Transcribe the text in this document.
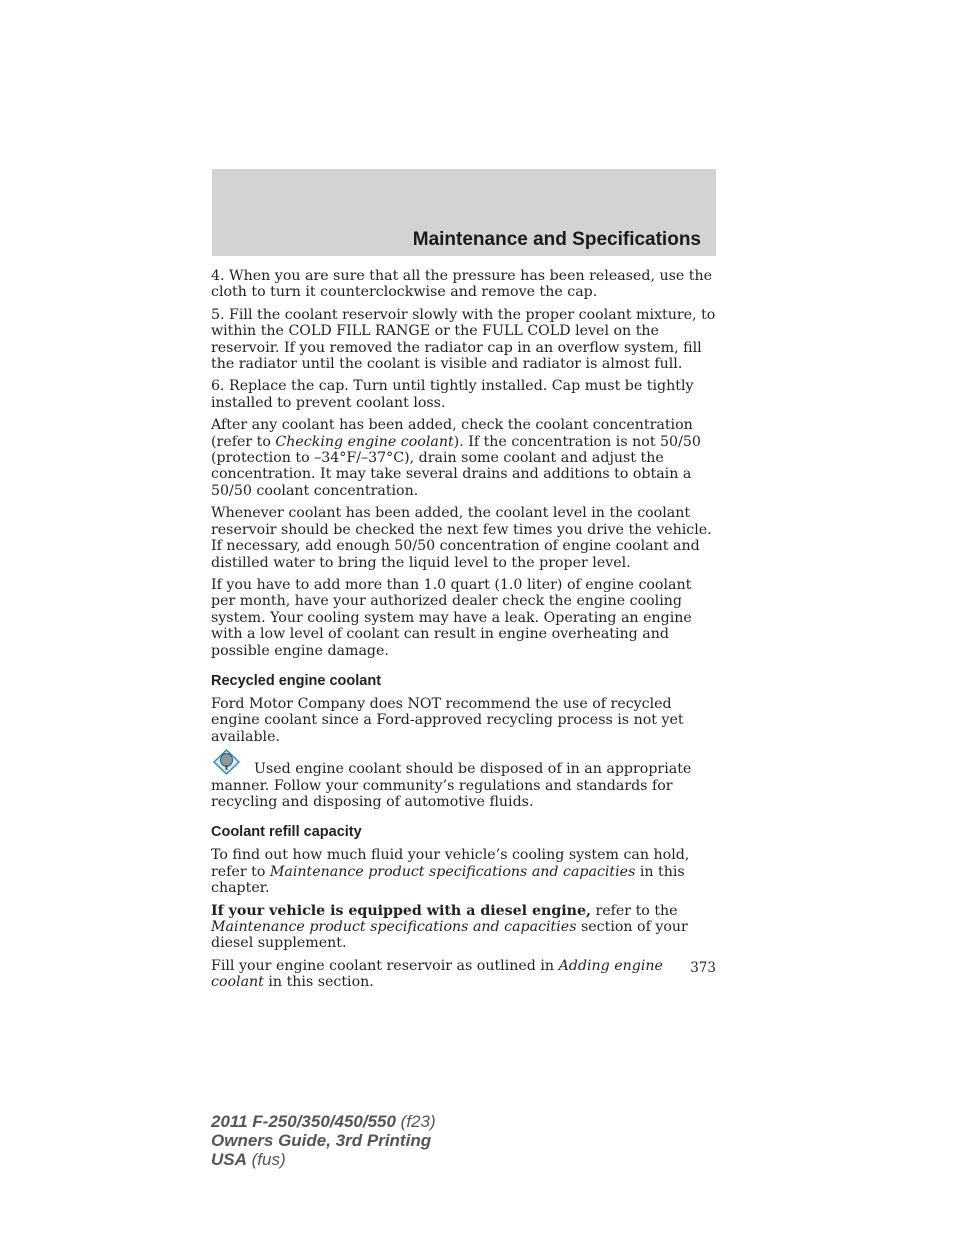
Maintenance and Specifications

4. When you are sure that all the pressure has been released, use the cloth to turn it counterclockwise and remove the cap.

5. Fill the coolant reservoir slowly with the proper coolant mixture, to within the COLD FILL RANGE or the FULL COLD level on the reservoir. If you removed the radiator cap in an overflow system, fill the radiator until the coolant is visible and radiator is almost full.

6. Replace the cap. Turn until tightly installed. Cap must be tightly installed to prevent coolant loss.

After any coolant has been added, check the coolant concentration (refer to Checking engine coolant). If the concentration is not 50/50 (protection to –34°F/–37°C), drain some coolant and adjust the concentration. It may take several drains and additions to obtain a 50/50 coolant concentration.

Whenever coolant has been added, the coolant level in the coolant reservoir should be checked the next few times you drive the vehicle. If necessary, add enough 50/50 concentration of engine coolant and distilled water to bring the liquid level to the proper level.

If you have to add more than 1.0 quart (1.0 liter) of engine coolant per month, have your authorized dealer check the engine cooling system. Your cooling system may have a leak. Operating an engine with a low level of coolant can result in engine overheating and possible engine damage.

Recycled engine coolant

Ford Motor Company does NOT recommend the use of recycled engine coolant since a Ford-approved recycling process is not yet available.

Used engine coolant should be disposed of in an appropriate manner. Follow your community’s regulations and standards for recycling and disposing of automotive fluids.

Coolant refill capacity

To find out how much fluid your vehicle’s cooling system can hold, refer to Maintenance product specifications and capacities in this chapter.

If your vehicle is equipped with a diesel engine, refer to the Maintenance product specifications and capacities section of your diesel supplement.

Fill your engine coolant reservoir as outlined in Adding engine coolant in this section.

373

2011 F-250/350/450/550 (f23)
Owners Guide, 3rd Printing
USA (fus)
